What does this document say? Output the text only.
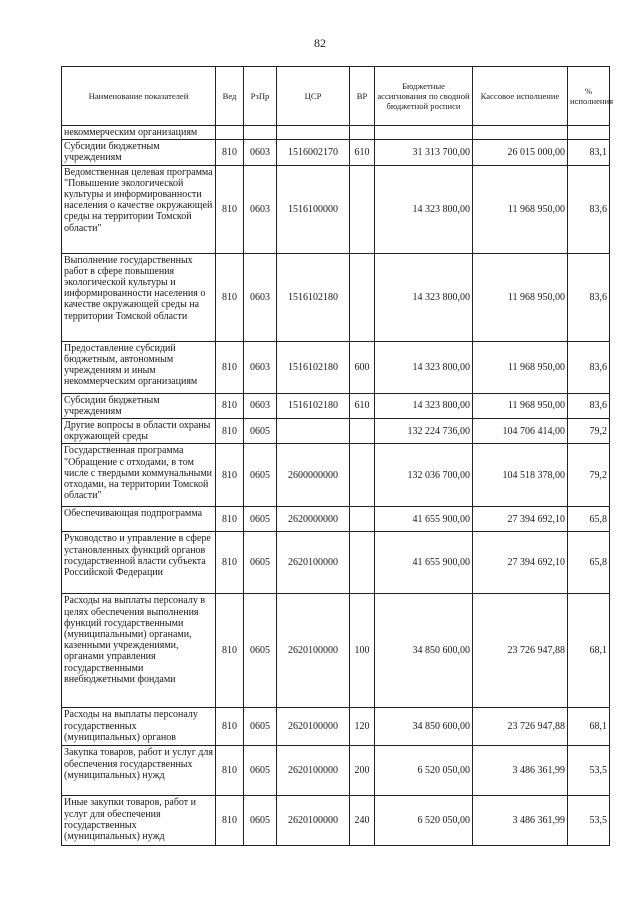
82
Наименование показателей	Вед	РзПр	ЦСР	ВР	Бюджетные ассигнования по сводной бюджетной росписи	Кассовое исполнение	% исполнения
некоммерческим организациям							
Субсидии бюджетным учреждениям	810	0603	1516002170	610	31 313 700,00	26 015 000,00	83,1
Ведомственная целевая программа "Повышение экологической культуры и информированности населения о качестве окружающей среды на территории Томской области"	810	0603	1516100000		14 323 800,00	11 968 950,00	83,6
Выполнение государственных работ в сфере повышения экологической культуры и информированности населения о качестве окружающей среды на территории Томской области	810	0603	1516102180		14 323 800,00	11 968 950,00	83,6
Предоставление субсидий бюджетным, автономным учреждениям и иным некоммерческим организациям	810	0603	1516102180	600	14 323 800,00	11 968 950,00	83,6
Субсидии бюджетным учреждениям	810	0603	1516102180	610	14 323 800,00	11 968 950,00	83,6
Другие вопросы в области охраны окружающей среды	810	0605			132 224 736,00	104 706 414,00	79,2
Государственная программа "Обращение с отходами, в том числе с твердыми коммунальными отходами, на территории Томской области"	810	0605	2600000000		132 036 700,00	104 518 378,00	79,2
Обеспечивающая подпрограмма	810	0605	2620000000		41 655 900,00	27 394 692,10	65,8
Руководство и управление в сфере установленных функций органов государственной власти субъекта Российской Федерации	810	0605	2620100000		41 655 900,00	27 394 692,10	65,8
Расходы на выплаты персоналу в целях обеспечения выполнения функций государственными (муниципальными) органами, казенными учреждениями, органами управления государственными внебюджетными фондами	810	0605	2620100000	100	34 850 600,00	23 726 947,88	68,1
Расходы на выплаты персоналу государственных (муниципальных) органов	810	0605	2620100000	120	34 850 600,00	23 726 947,88	68,1
Закупка товаров, работ и услуг для обеспечения государственных (муниципальных) нужд	810	0605	2620100000	200	6 520 050,00	3 486 361,99	53,5
Иные закупки товаров, работ и услуг для обеспечения государственных (муниципальных) нужд	810	0605	2620100000	240	6 520 050,00	3 486 361,99	53,5
